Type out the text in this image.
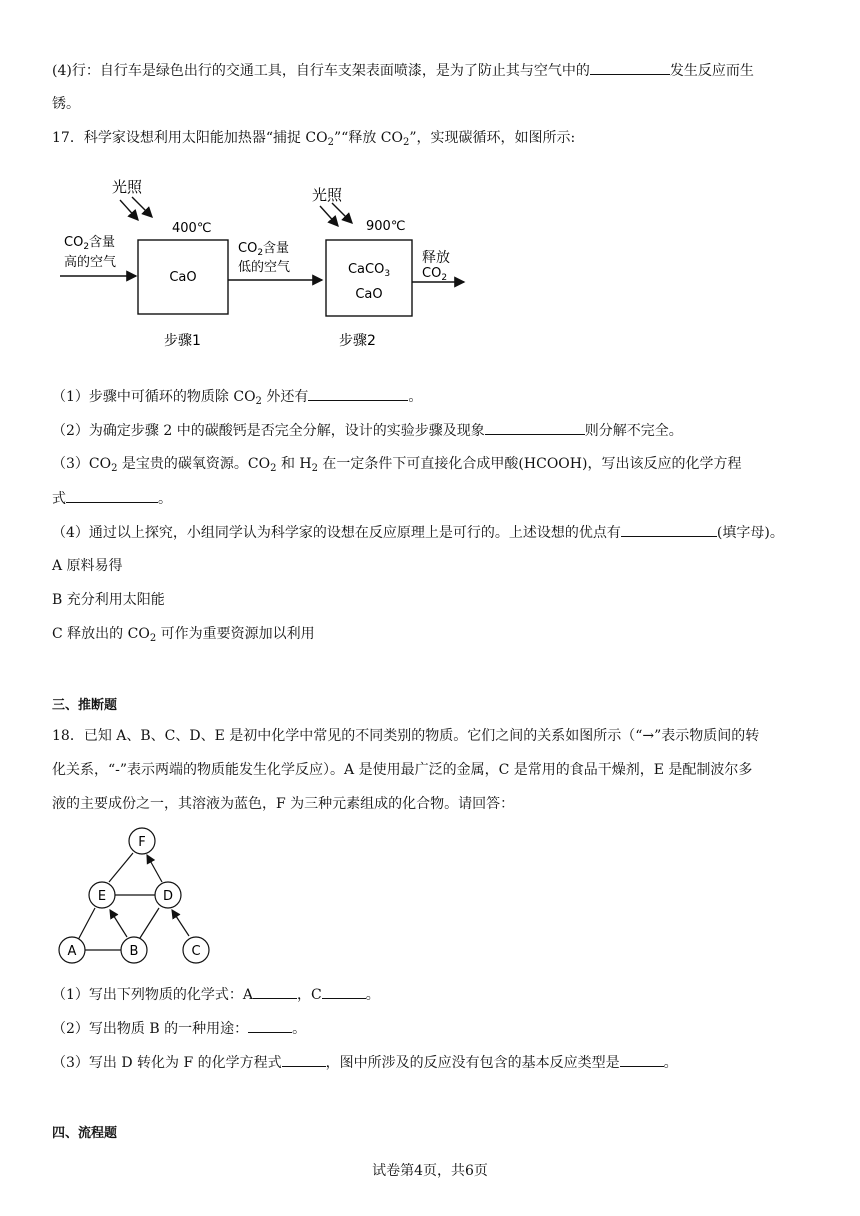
(4)行：自行车是绿色出行的交通工具，自行车支架表面喷漆，是为了防止其与空气中的	发生反应而生
锈。
17．科学家设想利用太阳能加热器“捕捉 $CO_2”“$释放 $CO_2$”，实现碳循环，如图所示:
光照
400℃
$CO_2$含量
高的空气
CaO
$CO_2$含量
低的空气
光照
900℃
CaCO$_3$
CaO
释放
$CO_2$
步骤1	步骤2
（1）步骤中可循环的物质除 $CO_2$ 外还有	。
（2）为确定步骤 2 中的碳酸钙是否完全分解，设计的实验步骤及现象	则分解不完全。
$(3)CO_2$ 是宝贵的碳氧资源。$CO_2$ 和 $H_2$ 在一定条件下可直接化合成甲酸(HCOOH)，写出该反应的化学方程
式	。
（4）通过以上探究，小组同学认为科学家的设想在反应原理上是可行的。上述设想的优点有	(填字母)。
A 原料易得
B 充分利用太阳能
C 释放出的 $CO_2$ 可作为重要资源加以利用
三、推断题
18．已知 A、B、C、D、E 是初中化学中常见的不同类别的物质。它们之间的关系如图所示（“→”表示物质间的转
化关系，“-”表示两端的物质能发生化学反应）。A 是使用最广泛的金属，C 是常用的食品干燥剂，E 是配制波尔多
液的主要成份之一，其溶液为蓝色，F 为三种元素组成的化合物。请回答：
F
E	D
A	B	C
（1）写出下列物质的化学式：A	，C	。
（2）写出物质 B 的一种用途：	。
（3）写出 D 转化为 F 的化学方程式	，图中所涉及的反应没有包含的基本反应类型是	。
四、流程题
试卷第4页，共6页
